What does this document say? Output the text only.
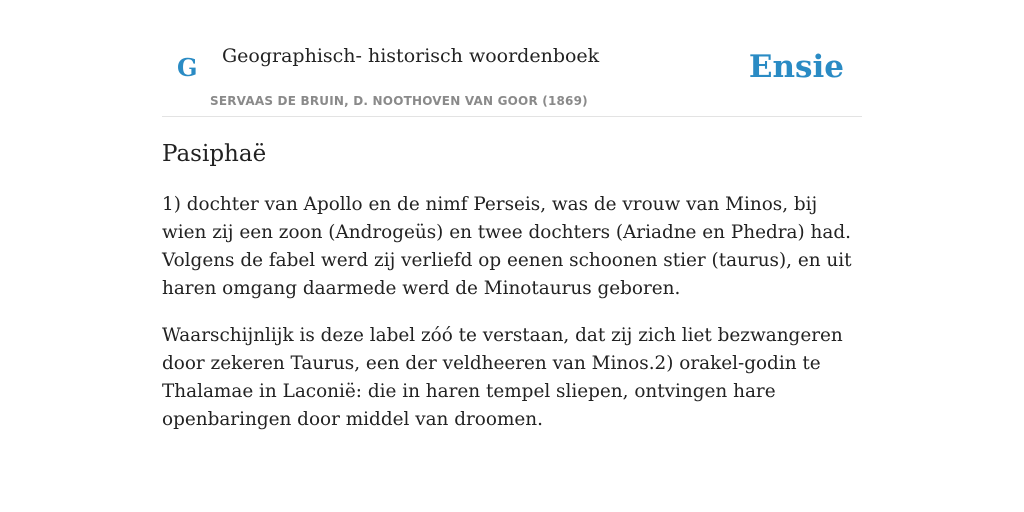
G Geographisch- historisch woordenboek
SERVAAS DE BRUIN, D. NOOTHOVEN VAN GOOR (1869)
Ensie
Pasiphaë

1) dochter van Apollo en de nimf Perseis, was de vrouw van Minos, bij wien zij een zoon (Androgeüs) en twee dochters (Ariadne en Phedra) had. Volgens de fabel werd zij verliefd op eenen schoonen stier (taurus), en uit haren omgang daarmede werd de Minotaurus geboren.

Waarschijnlijk is deze label zóó te verstaan, dat zij zich liet bezwangeren door zekeren Taurus, een der veldheeren van Minos.2) orakel-godin te Thalamae in Laconië: die in haren tempel sliepen, ontvingen hare openbaringen door middel van droomen.
